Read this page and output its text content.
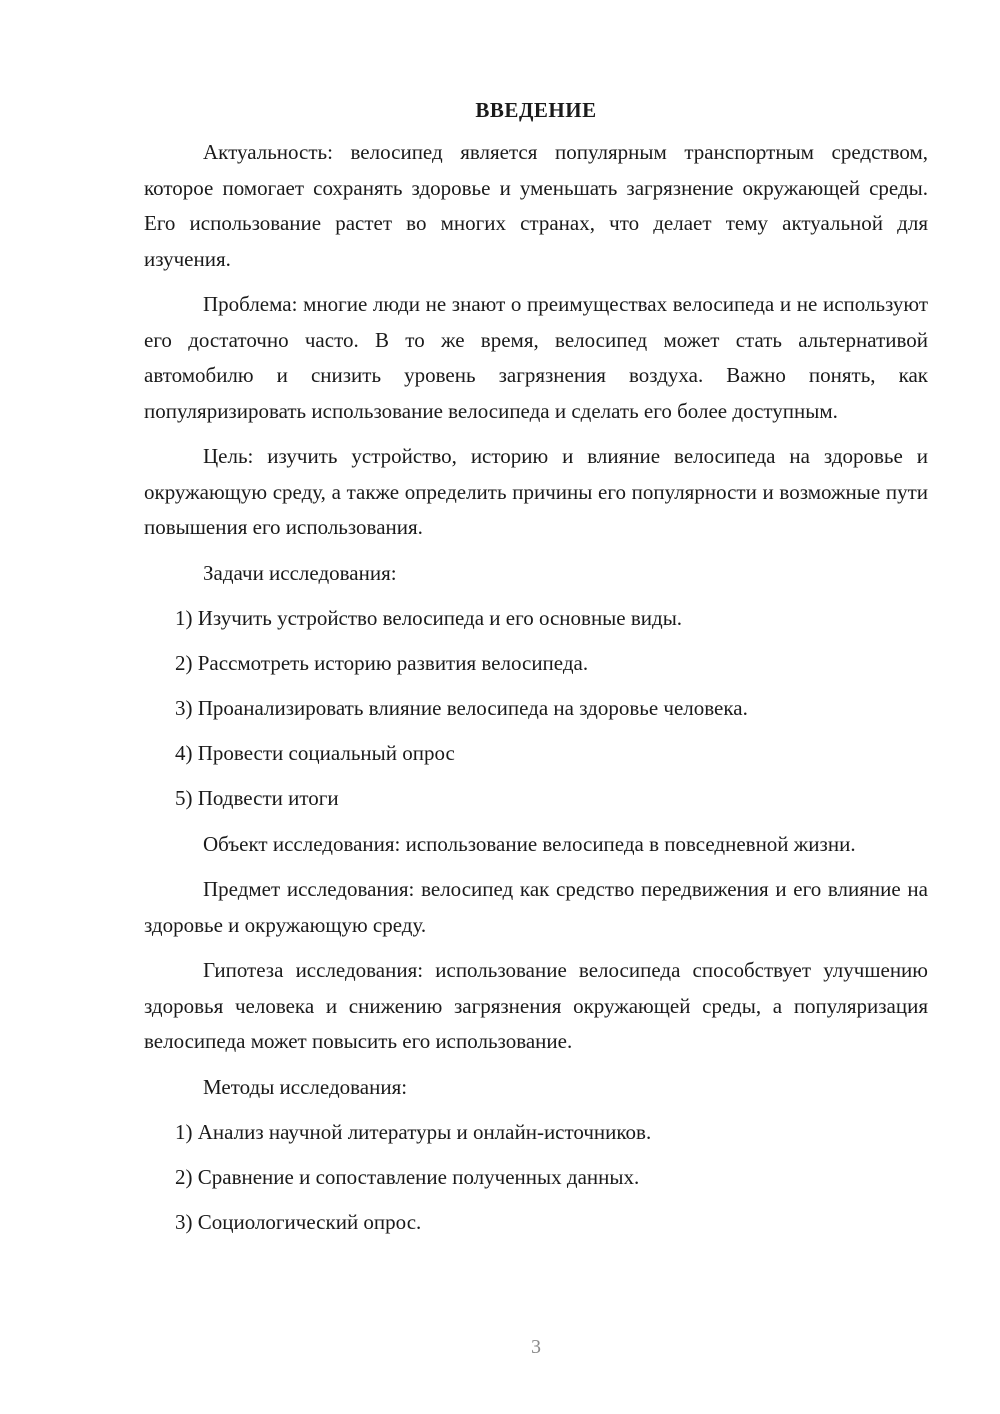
ВВЕДЕНИЕ

Актуальность: велосипед является популярным транспортным средством, которое помогает сохранять здоровье и уменьшать загрязнение окружающей среды. Его использование растет во многих странах, что делает тему актуальной для изучения.

Проблема: многие люди не знают о преимуществах велосипеда и не используют его достаточно часто. В то же время, велосипед может стать альтернативой автомобилю и снизить уровень загрязнения воздуха. Важно понять, как популяризировать использование велосипеда и сделать его более доступным.

Цель: изучить устройство, историю и влияние велосипеда на здоровье и окружающую среду, а также определить причины его популярности и возможные пути повышения его использования.

Задачи исследования:

1) Изучить устройство велосипеда и его основные виды.
2) Рассмотреть историю развития велосипеда.
3) Проанализировать влияние велосипеда на здоровье человека.
4) Провести социальный опрос
5) Подвести итоги

Объект исследования: использование велосипеда в повседневной жизни.

Предмет исследования: велосипед как средство передвижения и его влияние на здоровье и окружающую среду.

Гипотеза исследования: использование велосипеда способствует улучшению здоровья человека и снижению загрязнения окружающей среды, а популяризация велосипеда может повысить его использование.

Методы исследования:

1) Анализ научной литературы и онлайн-источников.
2) Сравнение и сопоставление полученных данных.
3) Социологический опрос.
3
